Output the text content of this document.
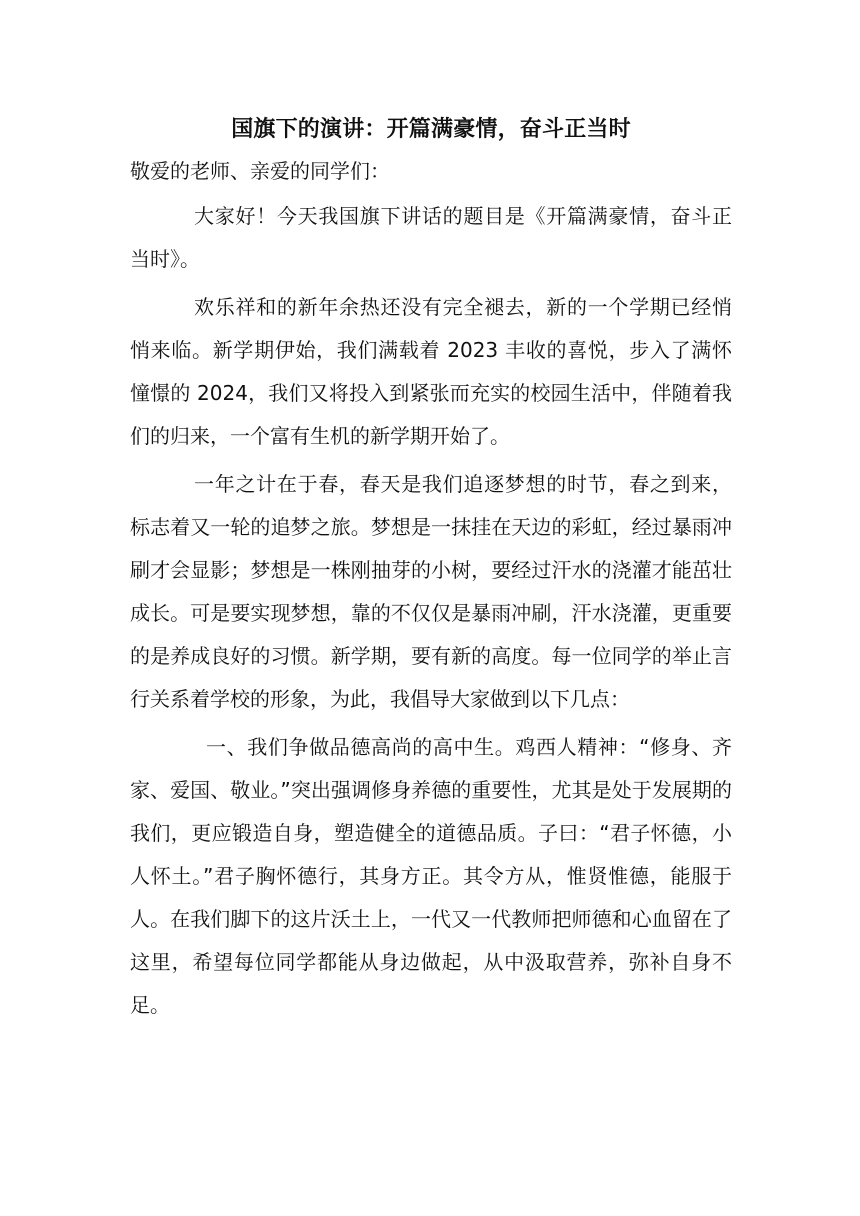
国旗下的演讲：开篇满豪情，奋斗正当时

敬爱的老师、亲爱的同学们：

大家好！今天我国旗下讲话的题目是《开篇满豪情，奋斗正当时》。

欢乐祥和的新年余热还没有完全褪去，新的一个学期已经悄悄来临。新学期伊始，我们满载着 2023 丰收的喜悦，步入了满怀憧憬的 2024，我们又将投入到紧张而充实的校园生活中，伴随着我们的归来，一个富有生机的新学期开始了。

一年之计在于春，春天是我们追逐梦想的时节，春之到来，标志着又一轮的追梦之旅。梦想是一抹挂在天边的彩虹，经过暴雨冲刷才会显影；梦想是一株刚抽芽的小树，要经过汗水的浇灌才能茁壮成长。可是要实现梦想，靠的不仅仅是暴雨冲刷，汗水浇灌，更重要的是养成良好的习惯。新学期，要有新的高度。每一位同学的举止言行关系着学校的形象，为此，我倡导大家做到以下几点：

一、我们争做品德高尚的高中生。鸡西人精神：“修身、齐家、爱国、敬业。”突出强调修身养德的重要性，尤其是处于发展期的我们，更应锻造自身，塑造健全的道德品质。子曰：“君子怀德，小人怀土。”君子胸怀德行，其身方正。其令方从，惟贤惟德，能服于人。在我们脚下的这片沃土上，一代又一代教师把师德和心血留在了这里，希望每位同学都能从身边做起，从中汲取营养，弥补自身不足。
